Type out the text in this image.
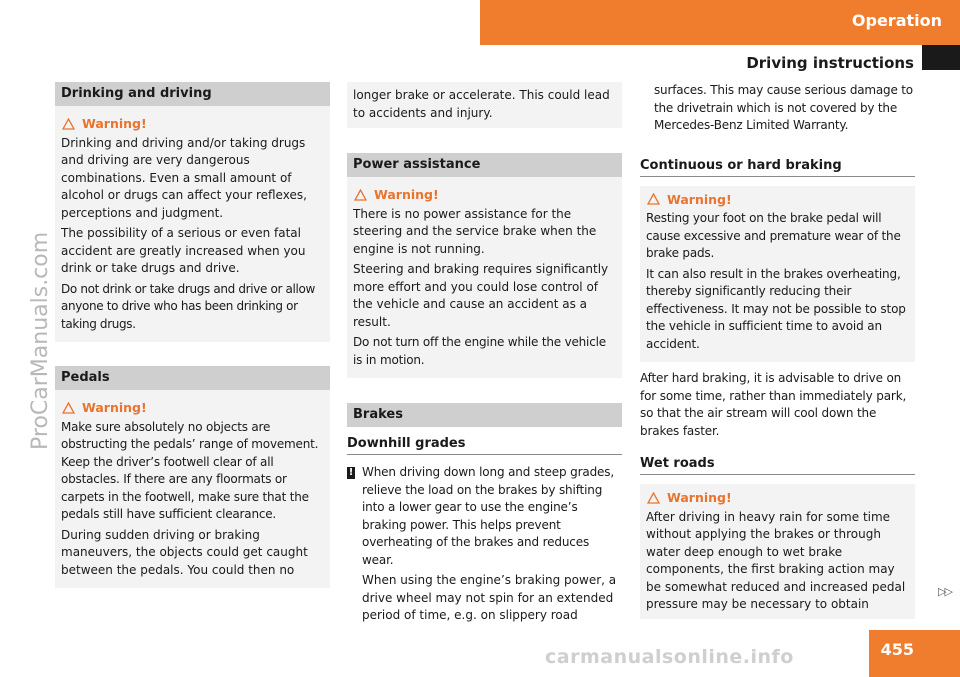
Operation
Driving instructions
ProCarManuals.com
Drinking and driving
Warning!

Drinking and driving and/or taking drugs and driving are very dangerous combinations. Even a small amount of alcohol or drugs can affect your reflexes, perceptions and judgment.

The possibility of a serious or even fatal accident are greatly increased when you drink or take drugs and drive.

Do not drink or take drugs and drive or allow anyone to drive who has been drinking or taking drugs.

Pedals
Warning!

Make sure absolutely no objects are obstructing the pedals’ range of movement. Keep the driver’s footwell clear of all obstacles. If there are any floormats or carpets in the footwell, make sure that the pedals still have sufficient clearance.

During sudden driving or braking maneuvers, the objects could get caught between the pedals. You could then no

longer brake or accelerate. This could lead to accidents and injury.

Power assistance
Warning!

There is no power assistance for the steering and the service brake when the engine is not running.

Steering and braking requires significantly more effort and you could lose control of the vehicle and cause an accident as a result.

Do not turn off the engine while the vehicle is in motion.

Brakes
Downhill grades
! When driving down long and steep grades, relieve the load on the brakes by shifting into a lower gear to use the engine’s braking power. This helps prevent overheating of the brakes and reduces wear.

When using the engine’s braking power, a drive wheel may not spin for an extended period of time, e.g. on slippery road

surfaces. This may cause serious damage to the drivetrain which is not covered by the Mercedes-Benz Limited Warranty.

Continuous or hard braking
Warning!

Resting your foot on the brake pedal will cause excessive and premature wear of the brake pads.

It can also result in the brakes overheating, thereby significantly reducing their effectiveness. It may not be possible to stop the vehicle in sufficient time to avoid an accident.

After hard braking, it is advisable to drive on for some time, rather than immediately park, so that the air stream will cool down the brakes faster.

Wet roads
Warning!

After driving in heavy rain for some time without applying the brakes or through water deep enough to wet brake components, the first braking action may be somewhat reduced and increased pedal pressure may be necessary to obtain

▷▷
455
carmanualsonline.info
